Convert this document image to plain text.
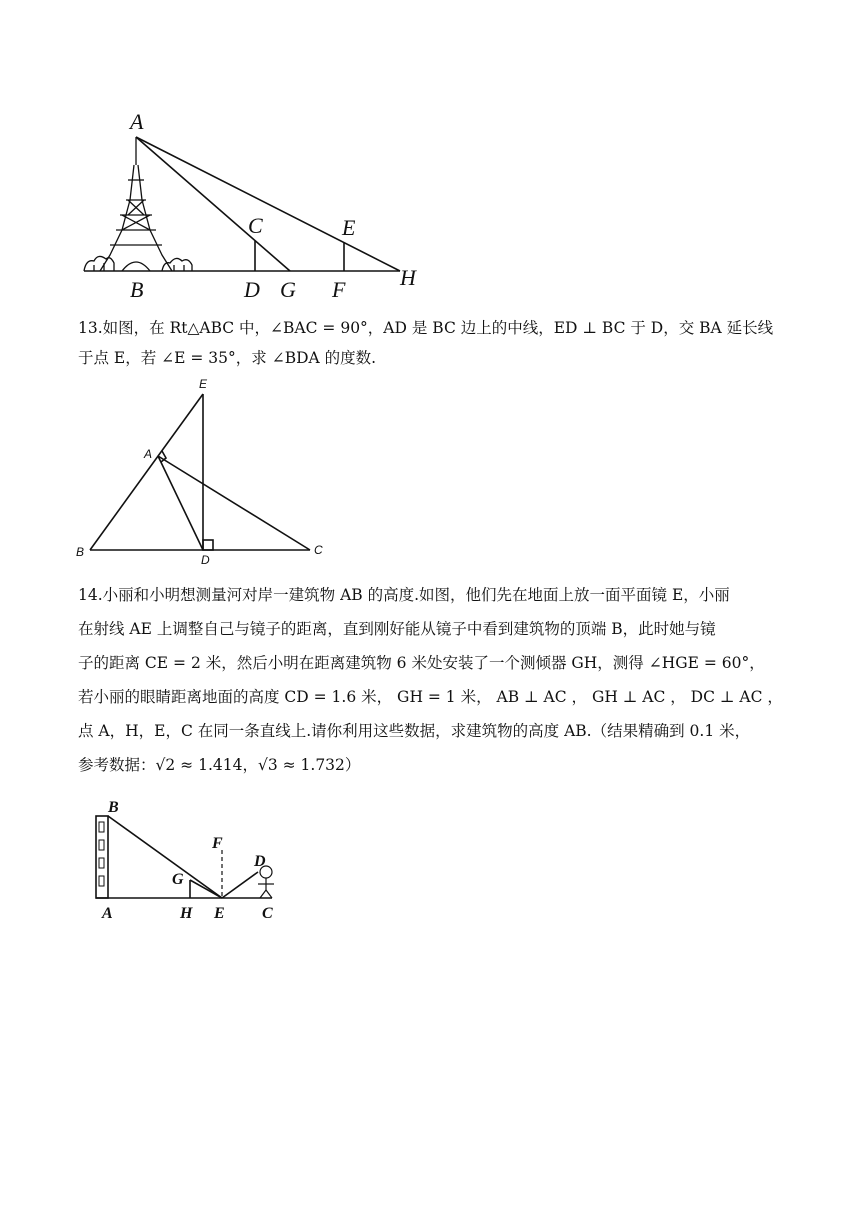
A
B
C
D G
E
F H

13.如图，在 Rt△ABC 中，∠BAC = 90°，AD 是 BC 边上的中线，ED ⊥ BC 于 D，交 BA 延长线

于点 E，若 ∠E = 35°，求 ∠BDA 的度数.

E
A
B
D
C

14.小丽和小明想测量河对岸一建筑物 AB 的高度.如图，他们先在地面上放一面平面镜 E，小丽

在射线 AE 上调整自己与镜子的距离，直到刚好能从镜子中看到建筑物的顶端 B，此时她与镜

子的距离 CE = 2 米，然后小明在距离建筑物 6 米处安装了一个测倾器 GH，测得 ∠HGE = 60°，

若小丽的眼睛距离地面的高度 CD = 1.6 米， GH = 1 米， AB ⊥ AC ， GH ⊥ AC ， DC ⊥ AC ，

点 A，H，E，C 在同一条直线上.请你利用这些数据，求建筑物的高度 AB.（结果精确到 0.1 米，

参考数据：√2 ≈ 1.414，√3 ≈ 1.732）

B
F
D
G
A	H E C
